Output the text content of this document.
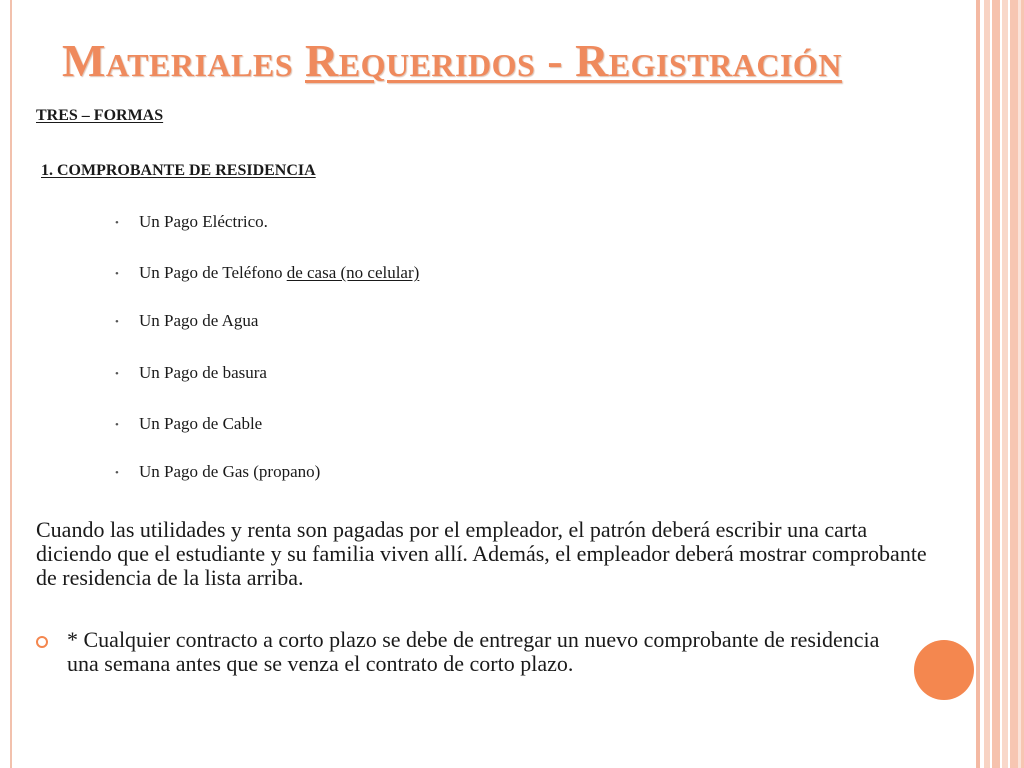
Materiales Requeridos - Registración
TRES – FORMAS
1. COMPROBANTE DE RESIDENCIA
• Un Pago Eléctrico.
• Un Pago de Teléfono de casa (no celular)
• Un Pago de Agua
• Un Pago de basura
• Un Pago de Cable
• Un Pago de Gas (propano)

Cuando las utilidades y renta son pagadas por el empleador, el patrón deberá escribir una carta diciendo que el estudiante y su familia viven allí. Además, el empleador deberá mostrar comprobante de residencia de la lista arriba.

* Cualquier contracto a corto plazo se debe de entregar un nuevo comprobante de residencia una semana antes que se venza el contrato de corto plazo.
